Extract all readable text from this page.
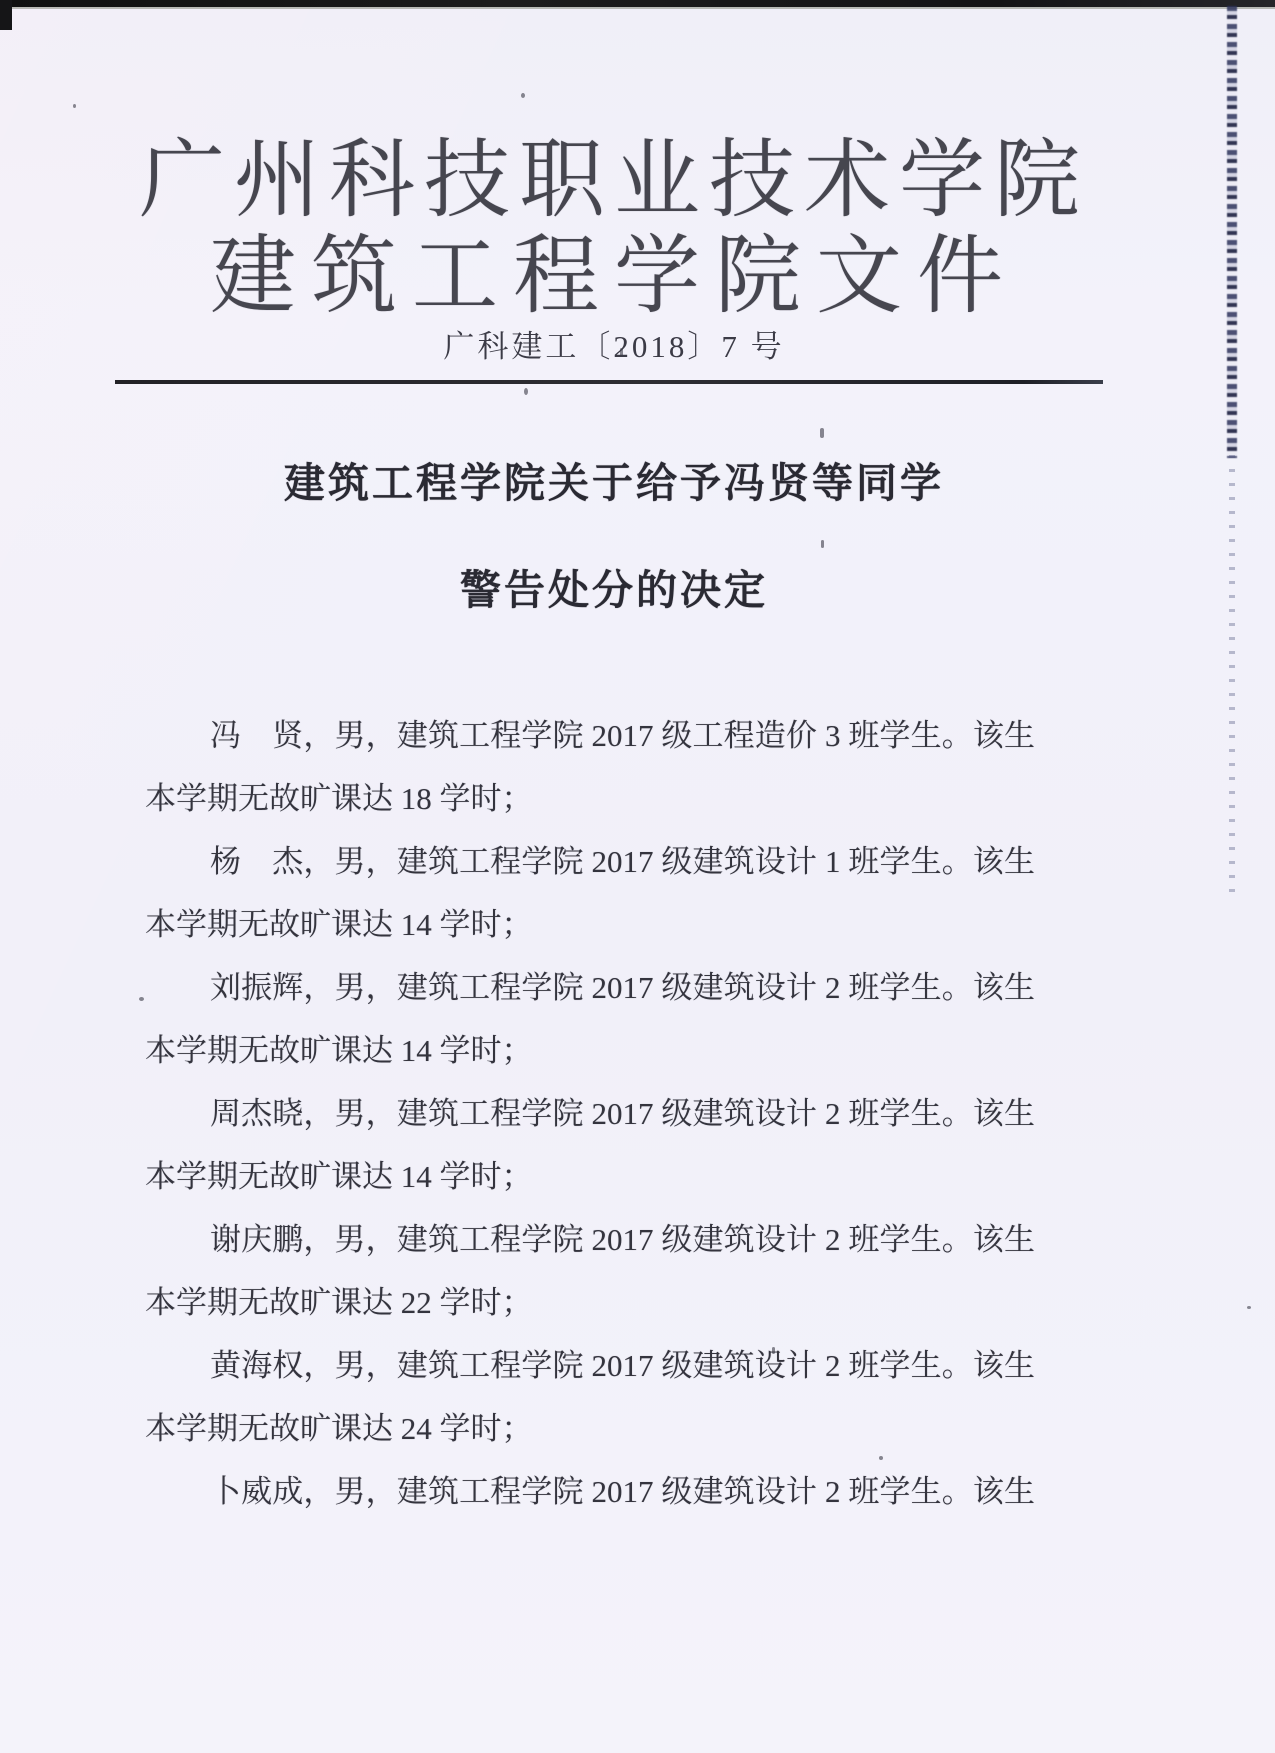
广州科技职业技术学院
建筑工程学院文件
广科建工〔2018〕7 号
建筑工程学院关于给予冯贤等同学
警告处分的决定

冯　贤，男，建筑工程学院 2017 级工程造价 3 班学生。该生

本学期无故旷课达 18 学时；

杨　杰，男，建筑工程学院 2017 级建筑设计 1 班学生。该生

本学期无故旷课达 14 学时；

刘振辉，男，建筑工程学院 2017 级建筑设计 2 班学生。该生

本学期无故旷课达 14 学时；

周杰晓，男，建筑工程学院 2017 级建筑设计 2 班学生。该生

本学期无故旷课达 14 学时；

谢庆鹏，男，建筑工程学院 2017 级建筑设计 2 班学生。该生

本学期无故旷课达 22 学时；

黄海权，男，建筑工程学院 2017 级建筑设计 2 班学生。该生

本学期无故旷课达 24 学时；

卜威成，男，建筑工程学院 2017 级建筑设计 2 班学生。该生
